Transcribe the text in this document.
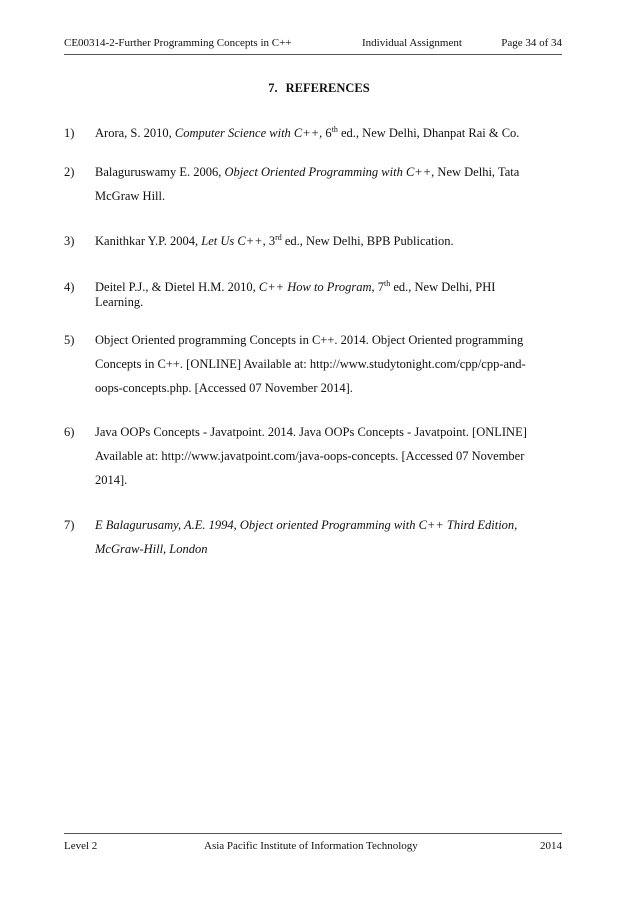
CE00314-2-Further Programming Concepts in C++	Individual Assignment	Page 34 of 34
7. REFERENCES
1) Arora, S. 2010, Computer Science with C++, 6th ed., New Delhi, Dhanpat Rai & Co.
2) Balaguruswamy E. 2006, Object Oriented Programming with C++, New Delhi, Tata McGraw Hill.
3) Kanithkar Y.P. 2004, Let Us C++, 3rd ed., New Delhi, BPB Publication.
4) Deitel P.J., & Dietel H.M. 2010, C++ How to Program, 7th ed., New Delhi, PHI Learning.
5) Object Oriented programming Concepts in C++. 2014. Object Oriented programming Concepts in C++. [ONLINE] Available at: http://www.studytonight.com/cpp/cpp-and-oops-concepts.php. [Accessed 07 November 2014].
6) Java OOPs Concepts - Javatpoint. 2014. Java OOPs Concepts - Javatpoint. [ONLINE] Available at: http://www.javatpoint.com/java-oops-concepts. [Accessed 07 November 2014].
7) E Balagurusamy, A.E. 1994, Object oriented Programming with C++ Third Edition, McGraw-Hill, London
Level 2	Asia Pacific Institute of Information Technology	2014
